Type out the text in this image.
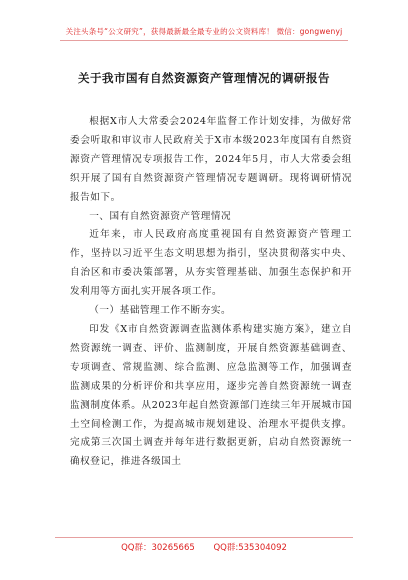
关注头条号“公文研究”，获得最新最全最专业的公文资料库！ 微信：gongwenyj
关于我市国有自然资源资产管理情况的调研报告

根据X市人大常委会2024年监督工作计划安排，为做好常委会听取和审议市人民政府关于X市本级2023年度国有自然资源资产管理情况专项报告工作，2024年5月，市人大常委会组织开展了国有自然资源资产管理情况专题调研。现将调研情况报告如下。

一、国有自然资源资产管理情况

近年来，市人民政府高度重视国有自然资源资产管理工作，坚持以习近平生态文明思想为指引，坚决贯彻落实中央、自治区和市委决策部署，从夯实管理基础、加强生态保护和开发利用等方面扎实开展各项工作。

（一）基础管理工作不断夯实。

印发《X市自然资源调查监测体系构建实施方案》，建立自然资源统一调查、评价、监测制度，开展自然资源基础调查、专项调查、常规监测、综合监测、应急监测等工作，加强调查监测成果的分析评价和共享应用，逐步完善自然资源统一调查监测制度体系。从2023年起自然资源部门连续三年开展城市国土空间检测工作，为提高城市规划建设、治理水平提供支撑。完成第三次国土调查并每年进行数据更新，启动自然资源统一确权登记，推进各级国土

QQ群：30265665 QQ群:535304092
